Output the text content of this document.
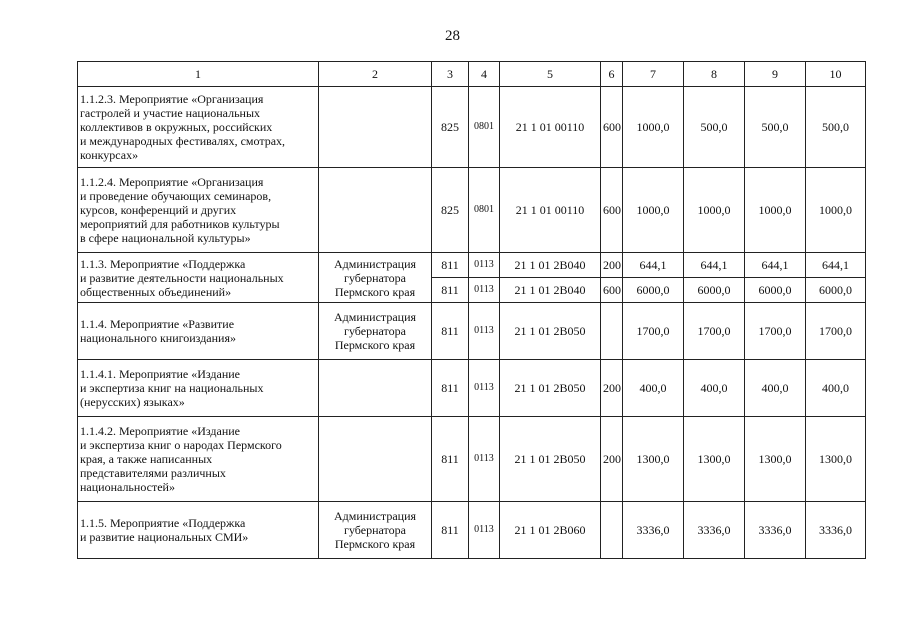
28
1	2	3	4	5	6	7	8	9	10
1.1.2.3. Мероприятие «Организация
гастролей и участие национальных
коллективов в окружных, российских
и международных фестивалях, смотрах,
конкурсах»		825	0801	21 1 01 00110	600	1000,0	500,0	500,0	500,0
1.1.2.4. Мероприятие «Организация
и проведение обучающих семинаров,
курсов, конференций и других
мероприятий для работников культуры
в сфере национальной культуры»		825	0801	21 1 01 00110	600	1000,0	1000,0	1000,0	1000,0
1.1.3. Мероприятие «Поддержка
и развитие деятельности национальных
общественных объединений»	Администрация
губернатора
Пермского края	811	0113	21 1 01 2В040	200	644,1	644,1	644,1	644,1
		811	0113	21 1 01 2В040	600	6000,0	6000,0	6000,0	6000,0
1.1.4. Мероприятие «Развитие
национального книгоиздания»	Администрация
губернатора
Пермского края	811	0113	21 1 01 2В050		1700,0	1700,0	1700,0	1700,0
1.1.4.1. Мероприятие «Издание
и экспертиза книг на национальных
(нерусских) языках»		811	0113	21 1 01 2В050	200	400,0	400,0	400,0	400,0
1.1.4.2. Мероприятие «Издание
и экспертиза книг о народах Пермского
края, а также написанных
представителями различных
национальностей»		811	0113	21 1 01 2В050	200	1300,0	1300,0	1300,0	1300,0
1.1.5. Мероприятие «Поддержка
и развитие национальных СМИ»	Администрация
губернатора
Пермского края	811	0113	21 1 01 2В060		3336,0	3336,0	3336,0	3336,0
